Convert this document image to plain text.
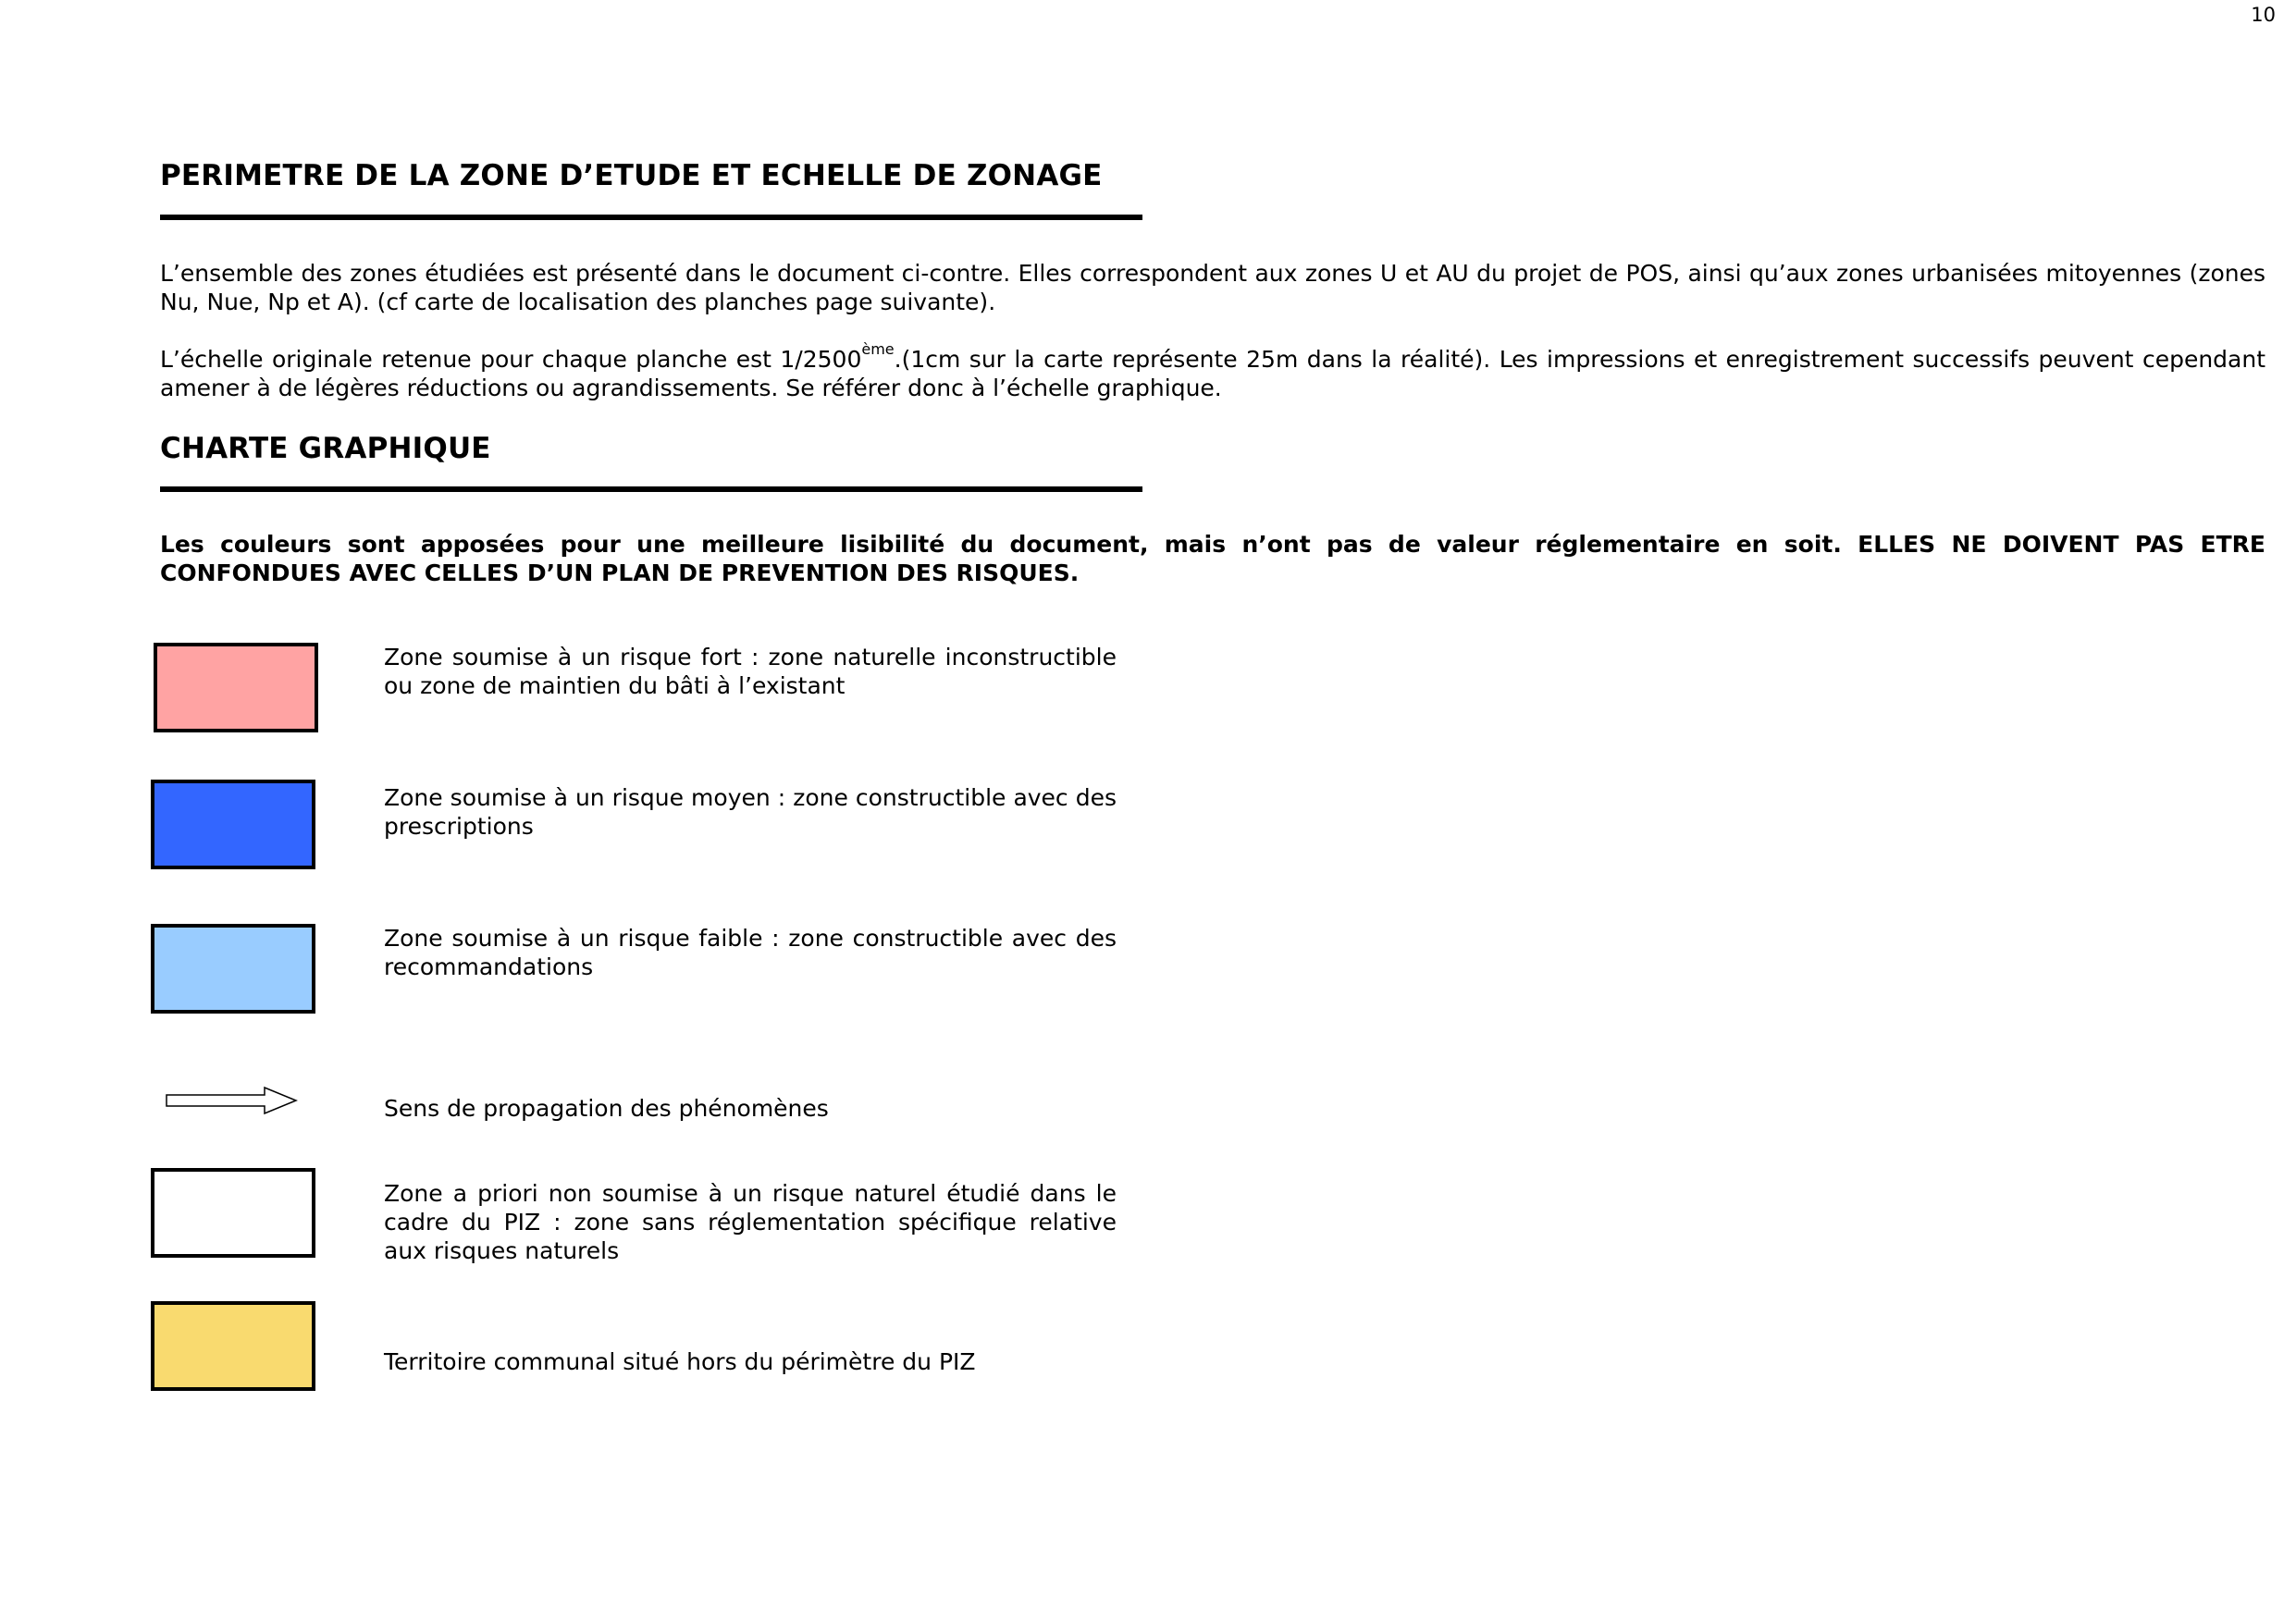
10
PERIMETRE DE LA ZONE D’ETUDE ET ECHELLE DE ZONAGE

L’ensemble des zones étudiées est présenté dans le document ci-contre. Elles correspondent aux zones U et AU du projet de POS, ainsi qu’aux zones urbanisées mitoyennes (zones Nu, Nue, Np et A). (cf carte de localisation des planches page suivante).

L’échelle originale retenue pour chaque planche est 1/2500ème.(1cm sur la carte représente 25m dans la réalité). Les impressions et enregistrement successifs peuvent cependant amener à de légères réductions ou agrandissements. Se référer donc à l’échelle graphique.

CHARTE GRAPHIQUE

Les couleurs sont apposées pour une meilleure lisibilité du document, mais n’ont pas de valeur réglementaire en soit. ELLES NE DOIVENT PAS ETRE CONFONDUES AVEC CELLES D’UN PLAN DE PREVENTION DES RISQUES.

Zone soumise à un risque fort : zone naturelle inconstructible ou zone de maintien du bâti à l’existant

Zone soumise à un risque moyen : zone constructible avec des prescriptions

Zone soumise à un risque faible : zone constructible avec des recommandations

Sens de propagation des phénomènes

Zone a priori non soumise à un risque naturel étudié dans le cadre du PIZ : zone sans réglementation spécifique relative aux risques naturels

Territoire communal situé hors du périmètre du PIZ
